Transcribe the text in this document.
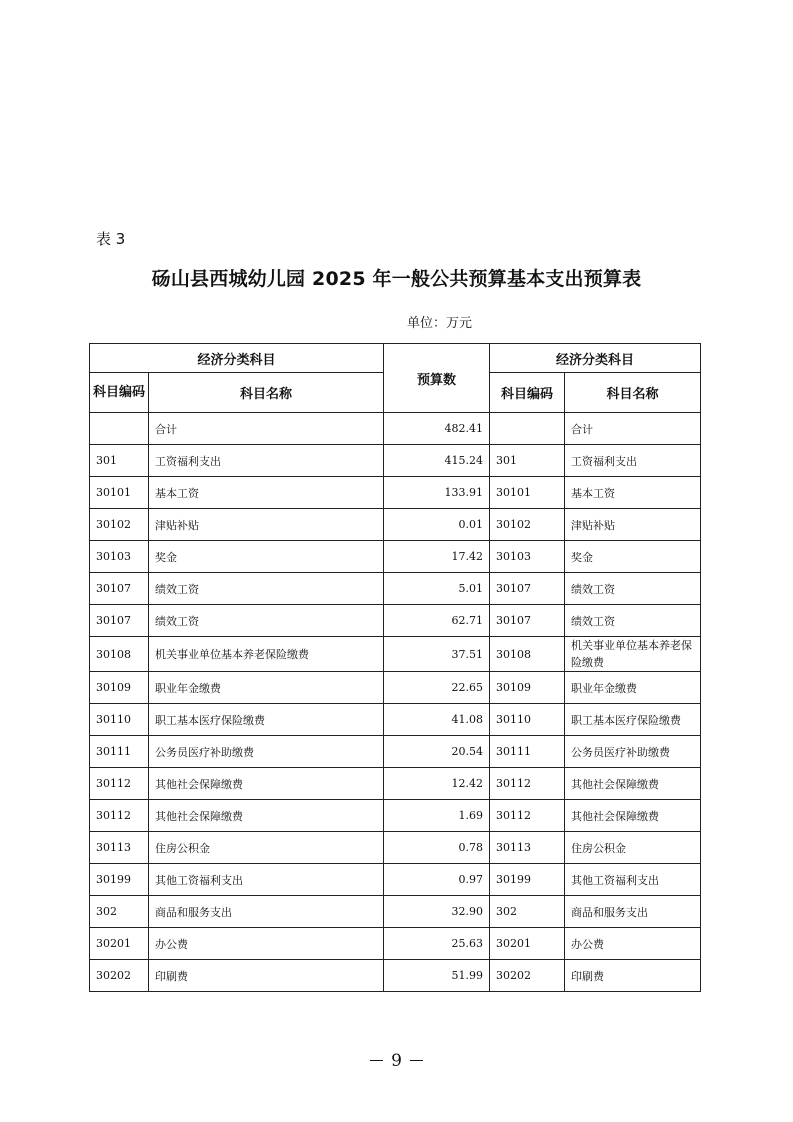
表 3
砀山县西城幼儿园 2025 年一般公共预算基本支出预算表
单位：万元
经济分类科目		预算数	经济分类科目	
科目编码	科目名称		科目编码	科目名称
	合计	482.41		合计
301	工资福利支出	415.24	301	工资福利支出
30101	基本工资	133.91	30101	基本工资
30102	津贴补贴	0.01	30102	津贴补贴
30103	奖金	17.42	30103	奖金
30107	绩效工资	5.01	30107	绩效工资
30107	绩效工资	62.71	30107	绩效工资
30108	机关事业单位基本养老保险缴费	37.51	30108	机关事业单位基本养老保险缴费
30109	职业年金缴费	22.65	30109	职业年金缴费
30110	职工基本医疗保险缴费	41.08	30110	职工基本医疗保险缴费
30111	公务员医疗补助缴费	20.54	30111	公务员医疗补助缴费
30112	其他社会保障缴费	12.42	30112	其他社会保障缴费
30112	其他社会保障缴费	1.69	30112	其他社会保障缴费
30113	住房公积金	0.78	30113	住房公积金
30199	其他工资福利支出	0.97	30199	其他工资福利支出
302	商品和服务支出	32.90	302	商品和服务支出
30201	办公费	25.63	30201	办公费
30202	印刷费	51.99	30202	印刷费
9
